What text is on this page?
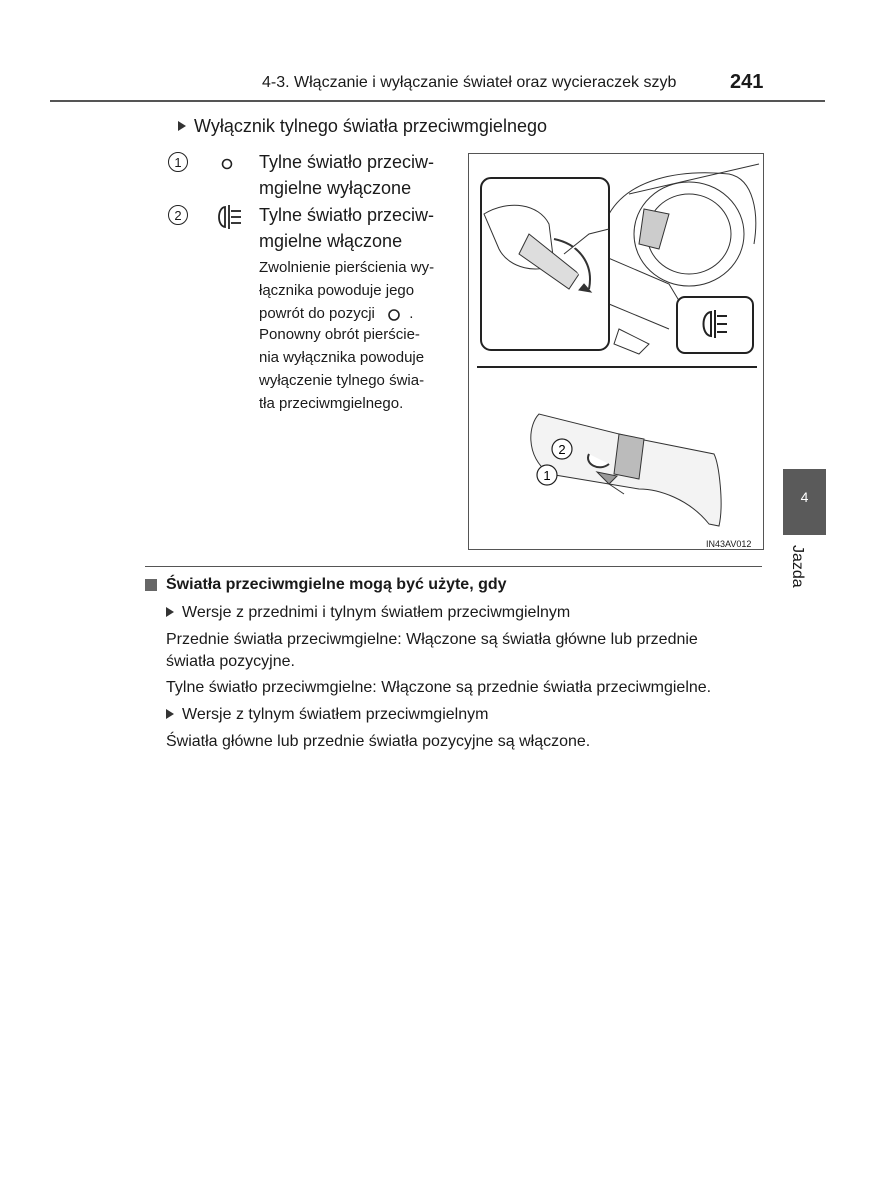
4-3. Włączanie i wyłączanie świateł oraz wycieraczek szyb	241
Wyłącznik tylnego światła przeciwmgielnego
1	Tylne światło przeciw-
mgielne wyłączone
2	Tylne światło przeciw-
mgielne włączone
Zwolnienie pierścienia wy-
łącznika powoduje jego
powrót do pozycji .
Ponowny obrót pierście-
nia wyłącznika powoduje
wyłączenie tylnego świa-
tła przeciwmgielnego.
2
1
IN43AV012
4
Jazda
Światła przeciwmgielne mogą być użyte, gdy
Wersje z przednimi i tylnym światłem przeciwmgielnym
Przednie światła przeciwmgielne: Włączone są światła główne lub przednie
światła pozycyjne.
Tylne światło przeciwmgielne: Włączone są przednie światła przeciwmgielne.
Wersje z tylnym światłem przeciwmgielnym
Światła główne lub przednie światła pozycyjne są włączone.
